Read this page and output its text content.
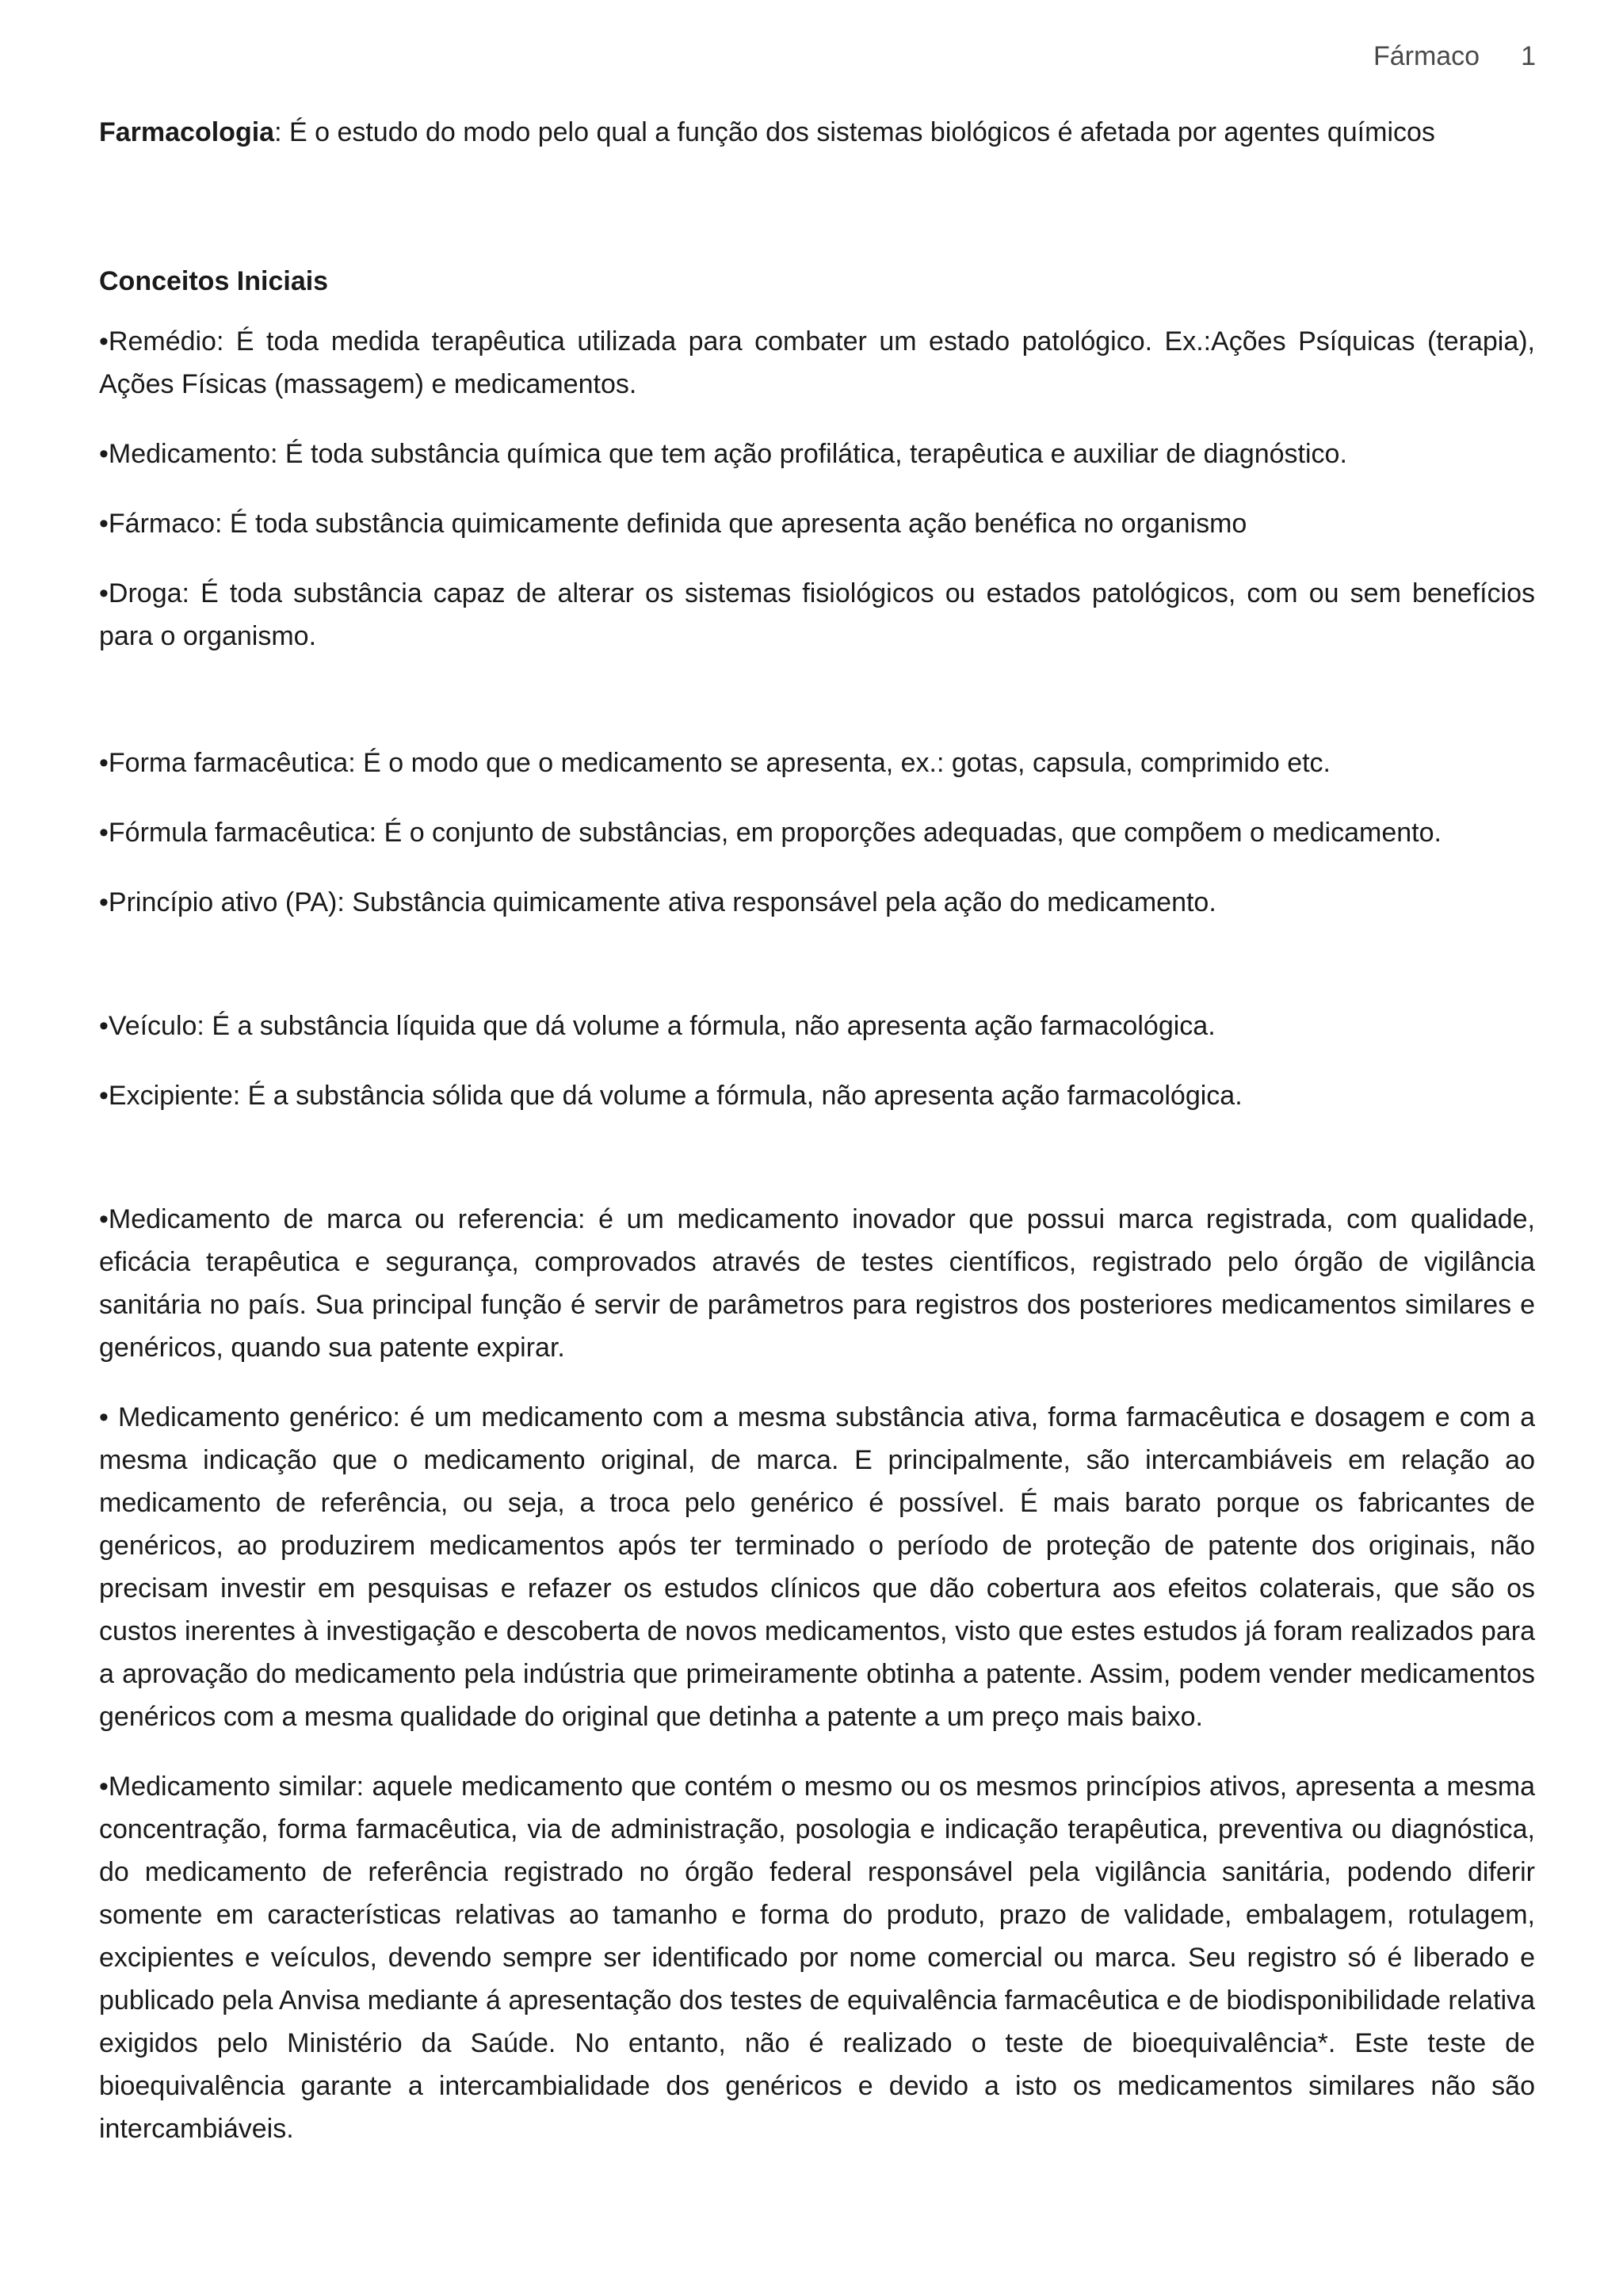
Fármaco 1

Farmacologia: É o estudo do modo pelo qual a função dos sistemas biológicos é afetada por agentes químicos

Conceitos Iniciais

•Remédio: É toda medida terapêutica utilizada para combater um estado patológico. Ex.:Ações Psíquicas (terapia), Ações Físicas (massagem) e medicamentos.

•Medicamento: É toda substância química que tem ação profilática, terapêutica e auxiliar de diagnóstico.

•Fármaco: É toda substância quimicamente definida que apresenta ação benéfica no organismo

•Droga: É toda substância capaz de alterar os sistemas fisiológicos ou estados patológicos, com ou sem benefícios para o organismo.

•Forma farmacêutica: É o modo que o medicamento se apresenta, ex.: gotas, capsula, comprimido etc.

•Fórmula farmacêutica: É o conjunto de substâncias, em proporções adequadas, que compõem o medicamento.

•Princípio ativo (PA): Substância quimicamente ativa responsável pela ação do medicamento.

•Veículo: É a substância líquida que dá volume a fórmula, não apresenta ação farmacológica.

•Excipiente: É a substância sólida que dá volume a fórmula, não apresenta ação farmacológica.

•Medicamento de marca ou referencia: é um medicamento inovador que possui marca registrada, com qualidade, eficácia terapêutica e segurança, comprovados através de testes científicos, registrado pelo órgão de vigilância sanitária no país. Sua principal função é servir de parâmetros para registros dos posteriores medicamentos similares e genéricos, quando sua patente expirar.

• Medicamento genérico: é um medicamento com a mesma substância ativa, forma farmacêutica e dosagem e com a mesma indicação que o medicamento original, de marca. E principalmente, são intercambiáveis em relação ao medicamento de referência, ou seja, a troca pelo genérico é possível. É mais barato porque os fabricantes de genéricos, ao produzirem medicamentos após ter terminado o período de proteção de patente dos originais, não precisam investir em pesquisas e refazer os estudos clínicos que dão cobertura aos efeitos colaterais, que são os custos inerentes à investigação e descoberta de novos medicamentos, visto que estes estudos já foram realizados para a aprovação do medicamento pela indústria que primeiramente obtinha a patente. Assim, podem vender medicamentos genéricos com a mesma qualidade do original que detinha a patente a um preço mais baixo.

•Medicamento similar: aquele medicamento que contém o mesmo ou os mesmos princípios ativos, apresenta a mesma concentração, forma farmacêutica, via de administração, posologia e indicação terapêutica, preventiva ou diagnóstica, do medicamento de referência registrado no órgão federal responsável pela vigilância sanitária, podendo diferir somente em características relativas ao tamanho e forma do produto, prazo de validade, embalagem, rotulagem, excipientes e veículos, devendo sempre ser identificado por nome comercial ou marca. Seu registro só é liberado e publicado pela Anvisa mediante á apresentação dos testes de equivalência farmacêutica e de biodisponibilidade relativa exigidos pelo Ministério da Saúde. No entanto, não é realizado o teste de bioequivalência*. Este teste de bioequivalência garante a intercambialidade dos genéricos e devido a isto os medicamentos similares não são intercambiáveis.
